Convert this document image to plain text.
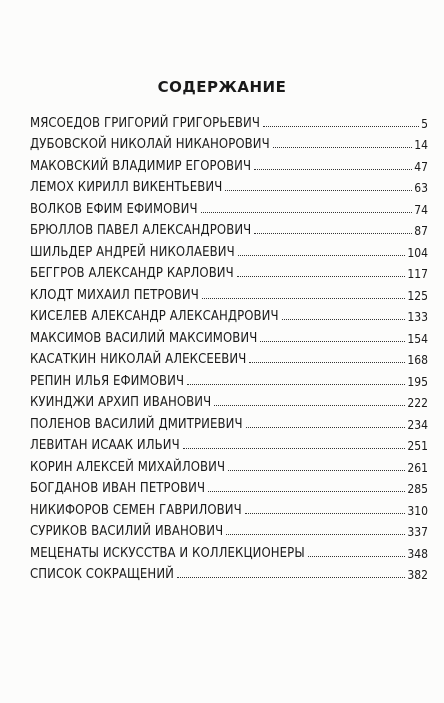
СОДЕРЖАНИЕ
МЯСОЕДОВ ГРИГОРИЙ ГРИГОРЬЕВИЧ	5
ДУБОВСКОЙ НИКОЛАЙ НИКАНОРОВИЧ	14
МАКОВСКИЙ ВЛАДИМИР ЕГОРОВИЧ	47
ЛЕМОХ КИРИЛЛ ВИКЕНТЬЕВИЧ	63
ВОЛКОВ ЕФИМ ЕФИМОВИЧ	74
БРЮЛЛОВ ПАВЕЛ АЛЕКСАНДРОВИЧ	87
ШИЛЬДЕР АНДРЕЙ НИКОЛАЕВИЧ	104
БЕГГРОВ АЛЕКСАНДР КАРЛОВИЧ	117
КЛОДТ МИХАИЛ ПЕТРОВИЧ	125
КИСЕЛЕВ АЛЕКСАНДР АЛЕКСАНДРОВИЧ	133
МАКСИМОВ ВАСИЛИЙ МАКСИМОВИЧ	154
КАСАТКИН НИКОЛАЙ АЛЕКСЕЕВИЧ	168
РЕПИН ИЛЬЯ ЕФИМОВИЧ	195
КУИНДЖИ АРХИП ИВАНОВИЧ	222
ПОЛЕНОВ ВАСИЛИЙ ДМИТРИЕВИЧ	234
ЛЕВИТАН ИСААК ИЛЬИЧ	251
КОРИН АЛЕКСЕЙ МИХАЙЛОВИЧ	261
БОГДАНОВ ИВАН ПЕТРОВИЧ	285
НИКИФОРОВ СЕМЕН ГАВРИЛОВИЧ	310
СУРИКОВ ВАСИЛИЙ ИВАНОВИЧ	337
МЕЦЕНАТЫ ИСКУССТВА И КОЛЛЕКЦИОНЕРЫ	348
СПИСОК СОКРАЩЕНИЙ	382
